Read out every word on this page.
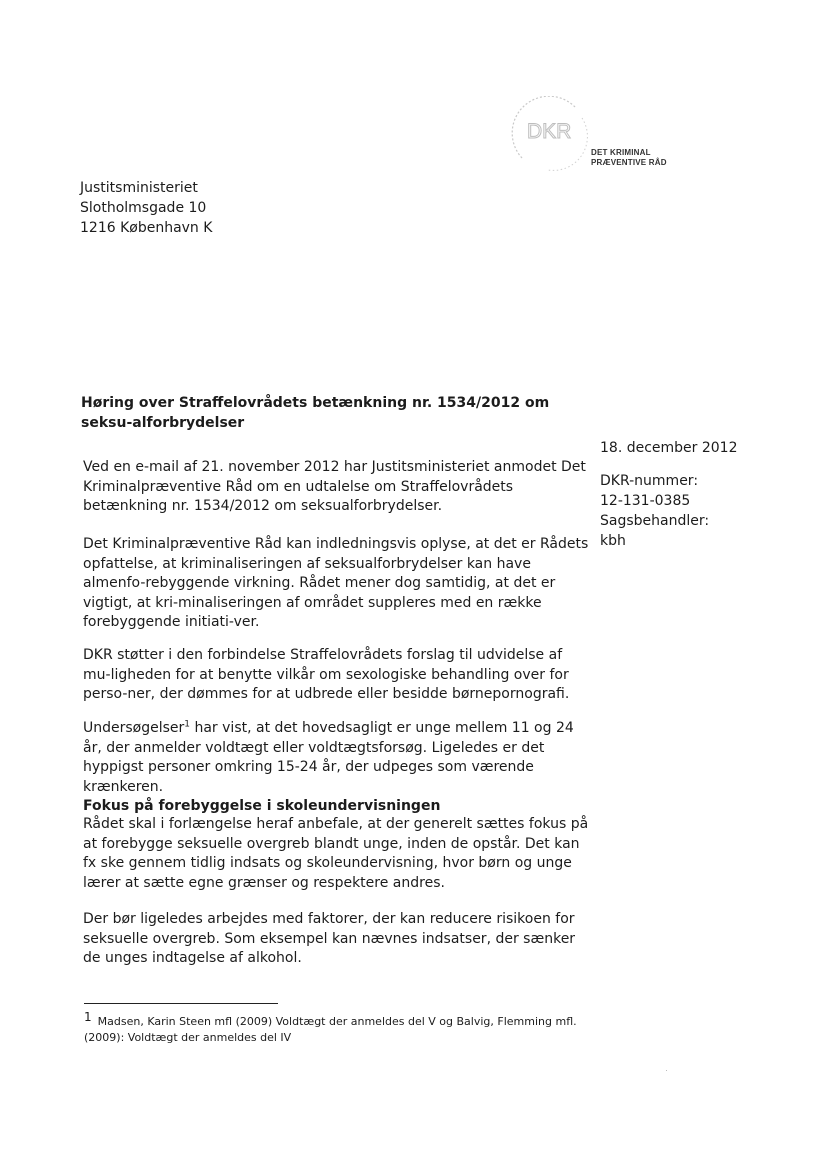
DKR
DET KRIMINAL
PRÆVENTIVE RÅD
Justitsministeriet
Slotholmsgade 10
1216 København K
Høring over Straffelovrådets betænkning nr. 1534/2012 om seksu-alforbrydelser
18. december 2012
DKR-nummer:
12-131-0385
Sagsbehandler:
kbh

Ved en e-mail af 21. november 2012 har Justitsministeriet anmodet Det Kriminalpræventive Råd om en udtalelse om Straffelovrådets betænkning nr. 1534/2012 om seksualforbrydelser.

Det Kriminalpræventive Råd kan indledningsvis oplyse, at det er Rådets opfattelse, at kriminaliseringen af seksualforbrydelser kan have almenfo-rebyggende virkning. Rådet mener dog samtidig, at det er vigtigt, at kri-minaliseringen af området suppleres med en række forebyggende initiati-ver.

DKR støtter i den forbindelse Straffelovrådets forslag til udvidelse af mu-ligheden for at benytte vilkår om sexologiske behandling over for perso-ner, der dømmes for at udbrede eller besidde børnepornografi.

Undersøgelser$^1$ har vist, at det hovedsagligt er unge mellem 11 og 24 år, der anmelder voldtægt eller voldtægtsforsøg. Ligeledes er det hyppigst personer omkring 15-24 år, der udpeges som værende krænkeren.

Fokus på forebyggelse i skoleundervisningen

Rådet skal i forlængelse heraf anbefale, at der generelt sættes fokus på at forebygge seksuelle overgreb blandt unge, inden de opstår. Det kan fx ske gennem tidlig indsats og skoleundervisning, hvor børn og unge lærer at sætte egne grænser og respektere andres.

Der bør ligeledes arbejdes med faktorer, der kan reducere risikoen for seksuelle overgreb. Som eksempel kan nævnes indsatser, der sænker de unges indtagelse af alkohol.

1 Madsen, Karin Steen mfl (2009) Voldtægt der anmeldes del V og Balvig, Flemming mfl. (2009): Voldtægt der anmeldes del IV
